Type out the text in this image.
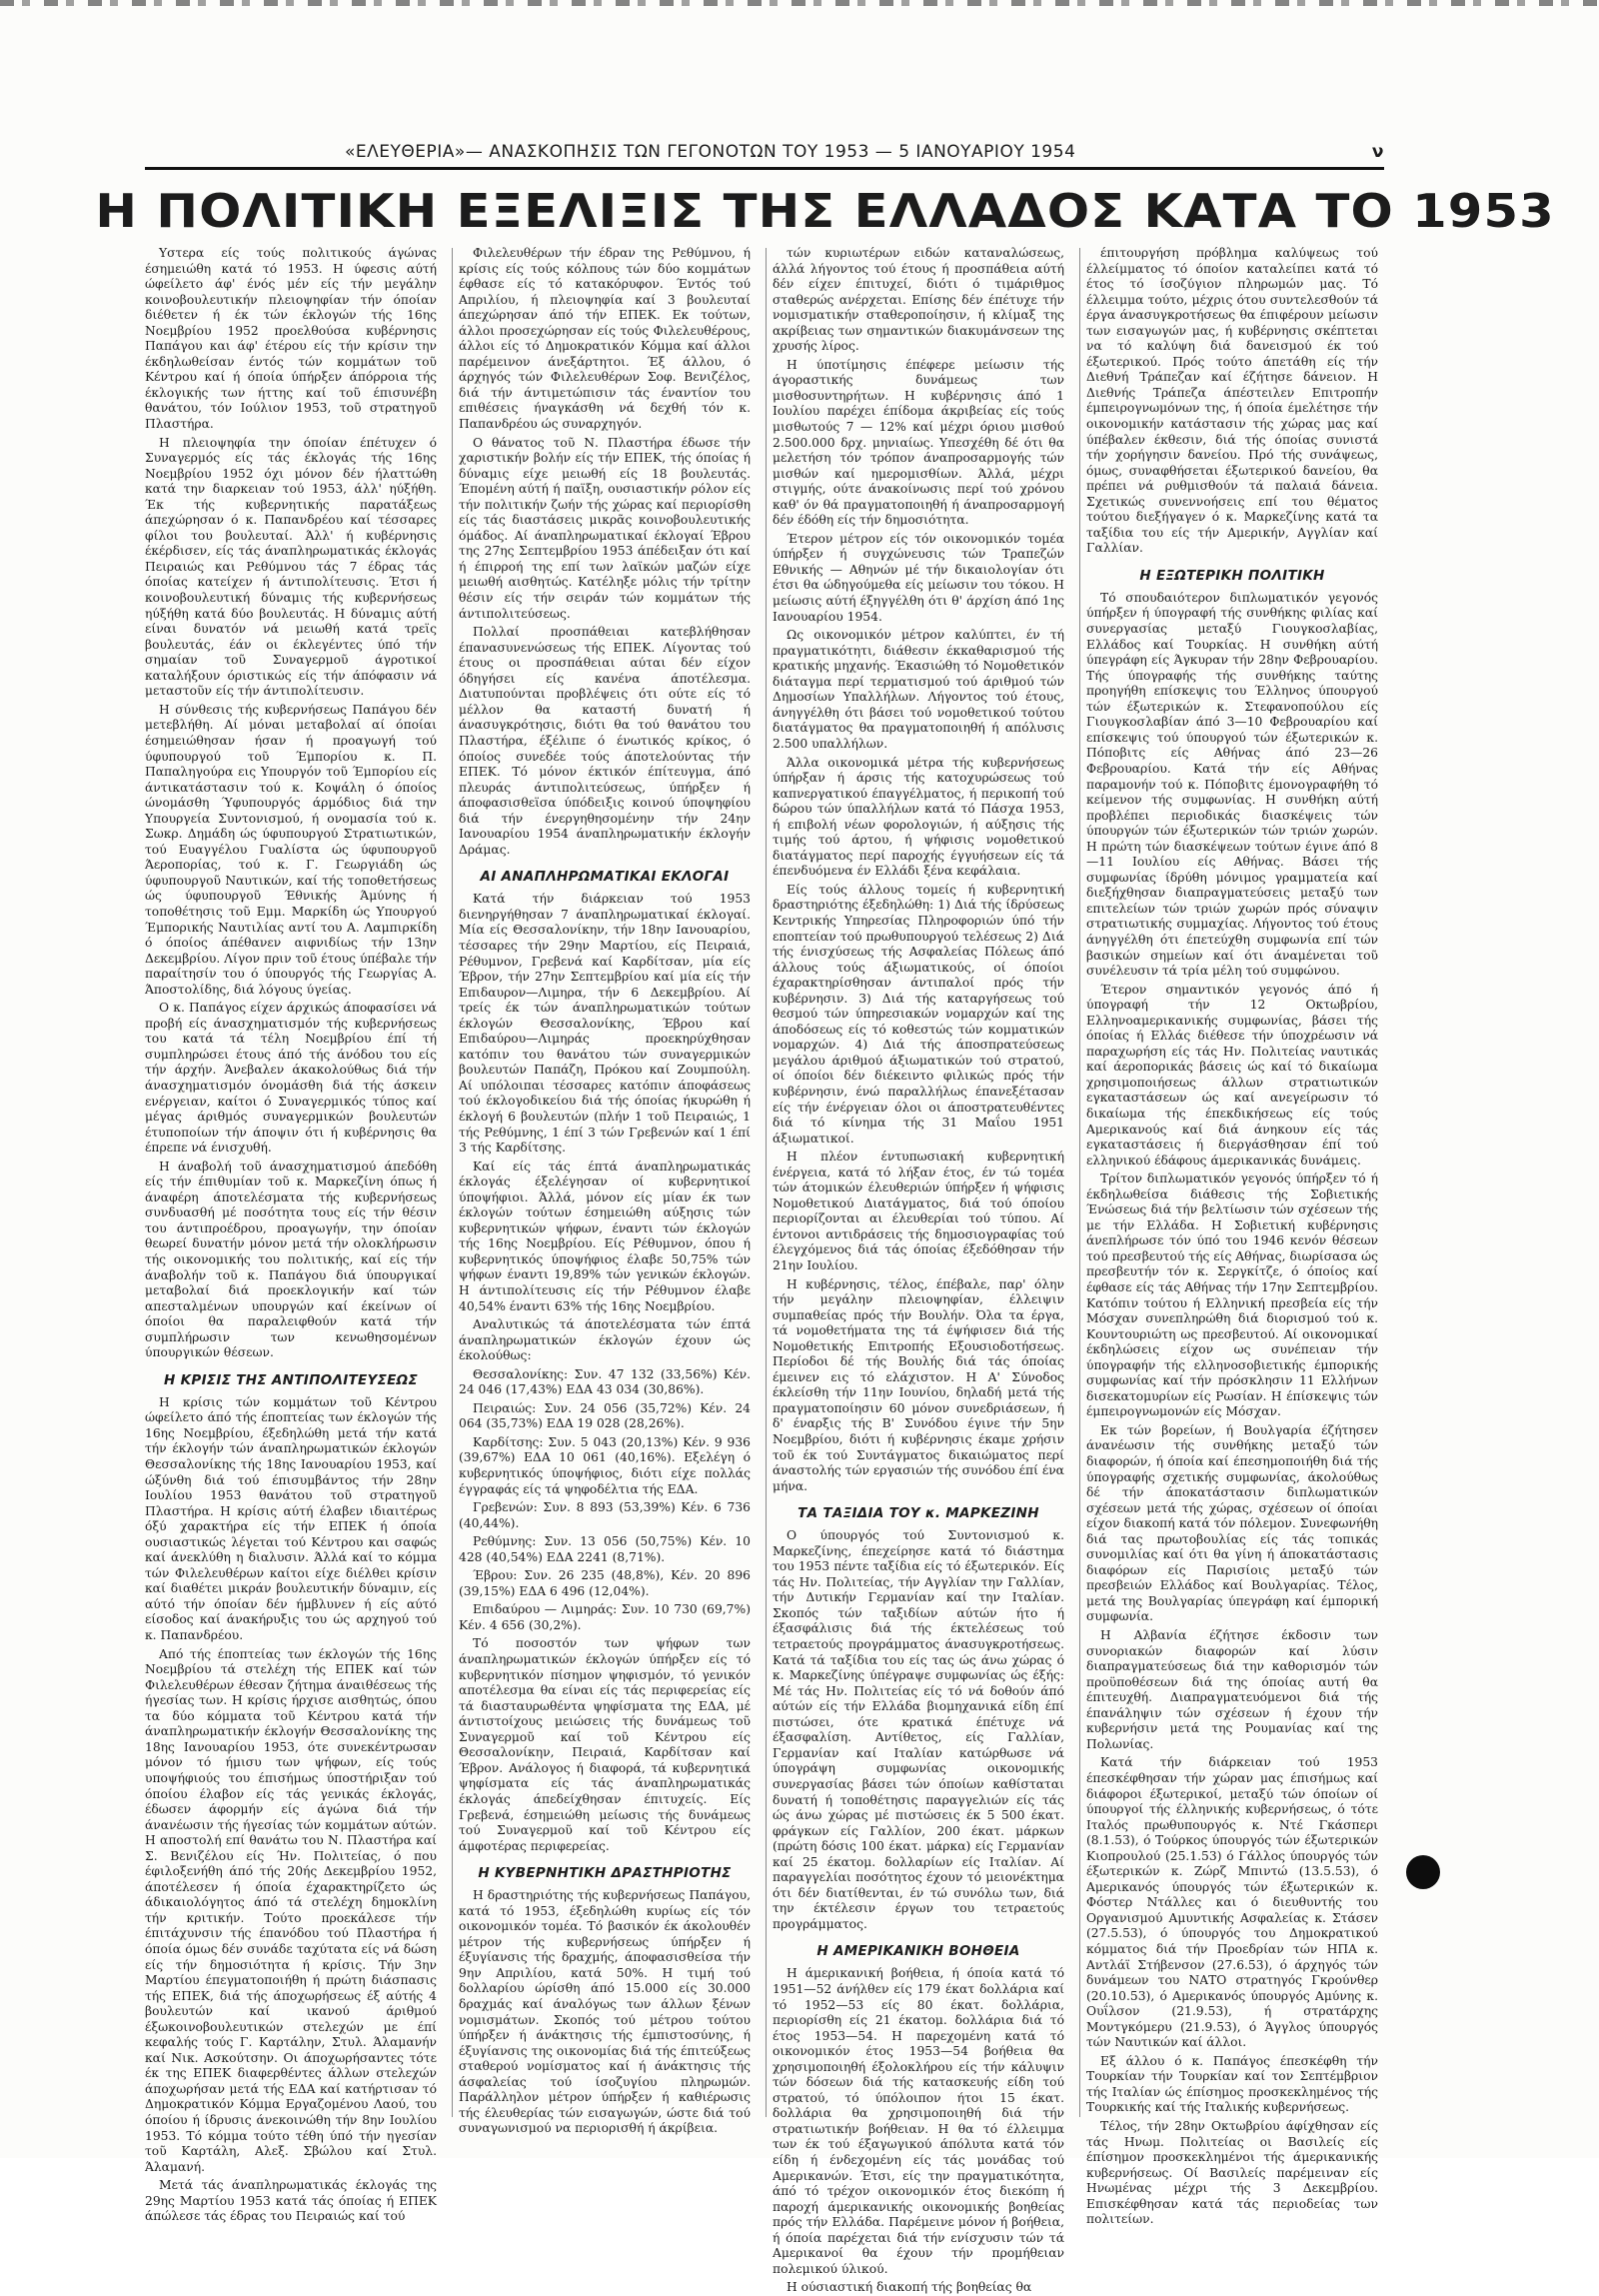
«ΕΛΕΥΘΕΡΙΑ»— ΑΝΑΣΚΟΠΗΣΙΣ ΤΩΝ ΓΕΓΟΝΟΤΩΝ ΤΟΥ 1953 — 5 ΙΑΝΟΥΑΡΙΟΥ 1954	ν
Η ΠΟΛΙΤΙΚΗ ΕΞΕΛΙΞΙΣ ΤΗΣ ΕΛΛΑΔΟΣ ΚΑΤΑ ΤΟ 1953

Υστερα είς τούς πολιτικούς άγώνας έσημειώθη κατά τό 1953. Η ύφεσις αύτή ώφείλετο άφ' ένός μέν είς τήν μεγάλην κοινοβουλευτικήν πλειοψηφίαν τήν όποίαν διέθετεν ή έκ τών έκλογών τής 16ης Νοεμβρίου 1952 προελθούσα κυβέρνησις Παπάγου και άφ' έτέρου είς τήν κρίσιν την έκδηλωθείσαν έντός τών κομμάτων τοῦ Κέντρου καί ή όποία ύπήρξεν άπόρροια τής έκλογικής των ήττης καί τοῦ έπισυνέβη θανάτου, τόν Ιούλιον 1953, τοῦ στρατηγοῦ Πλαστήρα.

Η πλειοψηφία την όποίαν έπέτυχεν ό Συναγερμός είς τάς έκλογάς τής 16ης Νοεμβρίου 1952 όχι μόνον δέν ήλαττώθη κατά την διαρκειαν τού 1953, άλλ' ηύξήθη. Έκ τής κυβερνητικής παρατάξεως άπεχώρησαν ό κ. Παπανδρέου καί τέσσαρες φίλοι του βουλευταί. Άλλ' ή κυβέρνησις έκέρδισεν, είς τάς άναπληρωματικάς έκλογάς Πειραιώς και Ρεθύμνου τάς 7 έδρας τάς όποίας κατείχεν ή άντιπολίτευσις. Έτσι ή κοινοβουλευτική δύναμις τής κυβερνήσεως ηύξήθη κατά δύο βουλευτάς. Η δύναμις αύτή είναι δυνατόν νά μειωθή κατά τρεϊς βουλευτάς, έάν οι έκλεγέντες ύπό τήν σημαίαν τοῦ Συναγερμοῦ άγροτικοί καταλήξουν όριστικώς είς τήν άπόφασιν νά μεταστοῦν είς τήν άντιπολίτευσιν.

Η σύνθεσις τής κυβερνήσεως Παπάγου δέν μετεβλήθη. Αί μόναι μεταβολαί αί όποίαι έσημειώθησαν ήσαν ή προαγωγή τού ύφυπουργού τοῦ Έμπορίου κ. Π. Παπαληγούρα εις Υπουργόν τοῦ Έμπορίου είς άντικατάστασιν τού κ. Κοψάλη ό όποίος ώνομάσθη Ύφυπουργός άρμόδιος διά την Υπουργεία Συντονισμού, ή ονομασία τού κ. Σωκρ. Δημάδη ώς ύφυπουργού Στρατιωτικών, τού Ευαγγέλου Γυαλίστα ώς ύφυπουργοῦ Άεροπορίας, τού κ. Γ. Γεωργιάδη ώς ύφυπουργοῦ Ναυτικών, καί τής τοποθετήσεως ώς ύφυπουργοῦ Έθνικής Άμύνης ή τοποθέτησις τοῦ Εμμ. Μαρκίδη ώς Υπουργού Έμπορικής Ναυτιλίας αντί του Α. Λαμπιρκίδη ό όποίος άπέθανεν αιφνιδίως τήν 13ην Δεκεμβρίου. Λίγον πριν τοῦ έτους ύπέβαλε τήν παραίτησίν του ό ύπουργός τής Γεωργίας Α. Άποστολίδης, διά λόγους ύγείας.

Ο κ. Παπάγος είχεν άρχικώς άποφασίσει νά προβή είς άνασχηματισμόν τής κυβερνήσεως του κατά τά τέλη Νοεμβρίου έπί τή συμπληρώσει έτους άπό τής άνόδου του είς τήν άρχήν. Άνεβαλεν άκακολούθως διά τήν άνασχηματισμόν όνομάσθη διά τής άσκειν ενέργειαν, καίτοι ό Συναγερμικός τύπος καί μέγας άριθμός συναγερμικών βουλευτών έτυποποίων τήν άποψιν ότι ή κυβέρνησις θα έπρεπε νά ένισχυθή.

Η άναβολή τοῦ άνασχηματισμού άπεδόθη είς τήν έπιθυμίαν τοῦ κ. Μαρκεζίνη όπως ή άναφέρη άποτελέσματα τής κυβερνήσεως συνδυασθή μέ ποσότητα τους είς τήν θέσιν του άντιπροέδρου, προαγωγήν, την όποίαν θεωρεί δυνατήν μόνον μετά τήν ολοκλήρωσιν τής οικονομικής του πολιτικής, καί είς τήν άναβολήν τοῦ κ. Παπάγου διά ύπουργικαί μεταβολαί διά προεκλογικήν καί τών απεσταλμένων υπουργών καί έκείνων οί όποίοι θα παραλειφθούν κατά τήν συμπλήρωσιν των κενωθησομένων ύπουργικών θέσεων.

Η ΚΡΙΣΙΣ ΤΗΣ ΑΝΤΙΠΟΛΙΤΕΥΣΕΩΣ

Η κρίσις τών κομμάτων τοῦ Κέντρου ώφείλετο άπό τής έποπτείας των έκλογών τής 16ης Νοεμβρίου, έξεδηλώθη μετά τήν κατά τήν έκλογήν τών άναπληρωματικών έκλογών Θεσσαλονίκης τής 18ης Ιανουαρίου 1953, καί ώξύνθη διά τού έπισυμβάντος τήν 28ην Ιουλίου 1953 θανάτου τοῦ στρατηγοῦ Πλαστήρα. Η κρίσις αύτή έλαβεν ιδιαιτέρως όξύ χαρακτήρα είς τήν ΕΠΕΚ ή όποία ουσιαστικώς λέγεται τού Κέντρου και σαφώς καί άνεκλύθη η διαλυσιν. Άλλά καί το κόμμα τών Φιλελευθέρων καίτοι είχε διέλθει κρίσιν καί διαθέτει μικράν βουλευτικήν δύναμιν, είς αύτό τήν όποίαν δέν ήμβλυνεν ή είς αύτό είσοδος καί άνακήρυξις του ώς αρχηγού τού κ. Παπανδρέου.

Από τής έποπτείας των έκλογών τής 16ης Νοεμβρίου τά στελέχη τής ΕΠΕΚ καί τών Φιλελευθέρων έθεσαν ζήτημα άναιθέσεως τής ήγεσίας των. Η κρίσις ήρχισε αισθητώς, όπου τα δύο κόμματα τοῦ Κέντρου κατά τήν άναπληρωματικήν έκλογήν Θεσσαλονίκης της 18ης Ιανουαρίου 1953, ότε συνεκέντρωσαν μόνον τό ήμισυ των ψήφων, είς τούς υποψήφιούς του έπισήμως ύποστήριξαν τού όποίου έλαβον είς τάς γενικάς έκλογάς, έδωσεν άφορμήν είς άγώνα διά τήν άνανέωσιν τής ήγεσίας τών κομμάτων αύτών. Η αποστολή επί θανάτω του Ν. Πλαστήρα καί Σ. Βενιζέλου είς Ήν. Πολιτείας, ό που έφιλοξενήθη άπό τής 20ής Δεκεμβρίου 1952, άποτέλεσεν ή όποία έχαρακτηρίζετο ώς άδικαιολόγητος άπό τά στελέχη δημοκλίνη τήν κριτικήν. Τούτο προεκάλεσε τήν έπιτάχυνσιν τής έπανόδου τού Πλαστήρα ή όποία όμως δέν συνάδε ταχύτατα είς νά δώση είς τήν δημοσιότητα ή κρίσις. Τήν 3ην Μαρτίου έπεγματοποιήθη ή πρώτη διάσπασις τής ΕΠΕΚ, διά τής άποχωρήσεως έξ αύτής 4 βουλευτών καί ικανού άριθμού έξωκοινοβουλευτικών στελεχών με έπί κεφαλής τούς Γ. Καρτάλην, Στυλ. Άλαμανήν καί Νικ. Ασκούτσην. Οι άποχωρήσαντες τότε έκ της ΕΠΕΚ διαφερθέντες άλλων στελεχών άποχωρήσαν μετά τής ΕΔΑ καί κατήρτισαν τό Δημοκρατικόν Κόμμα Εργαζομένου Λαού, του όποίου ή ίδρυσις άνεκοινώθη τήν 8ην Ιουλίου 1953. Τό κόμμα τούτο τέθη ύπό τήν ηγεσίαν τοῦ Καρτάλη, Αλεξ. Σβώλου καί Στυλ. Άλαμανή.

Μετά τάς άναπληρωματικάς έκλογάς της 29ης Μαρτίου 1953 κατά τάς όποίας ή ΕΠΕΚ άπώλεσε τάς έδρας του Πειραιώς καί τού

Φιλελευθέρων τήν έδραν της Ρεθύμνου, ή κρίσις είς τούς κόλπους τών δύο κομμάτων έφθασε είς τό κατακόρυφον. Έντός τού Απριλίου, ή πλειοψηφία καί 3 βουλευταί άπεχώρησαν άπό τήν ΕΠΕΚ. Εκ τούτων, άλλοι προσεχώρησαν είς τούς Φιλελευθέρους, άλλοι είς τό Δημοκρατικόν Κόμμα καί άλλοι παρέμεινον άνεξάρτητοι. Έξ άλλου, ό άρχηγός τών Φιλελευθέρων Σοφ. Βενιζέλος, διά τήν άντιμετώπισιν τάς έναντίον του επιθέσεις ήναγκάσθη νά δεχθή τόν κ. Παπανδρέου ώς συναρχηγόν.

Ο θάνατος τοῦ Ν. Πλαστήρα έδωσε τήν χαριστικήν βολήν είς τήν ΕΠΕΚ, τής όποίας ή δύναμις είχε μειωθή είς 18 βουλευτάς. Έπομένη αύτή ή παϊξη, ουσιαστικήν ρόλον είς τήν πολιτικήν ζωήν τής χώρας καί περιορίσθη είς τάς διαστάσεις μικρᾶς κοινοβουλευτικής όμάδος. Αί άναπληρωματικαί έκλογαί Έβρου της 27ης Σεπτεμβρίου 1953 άπέδειξαν ότι καί ή έπιρροή της επί των λαϊκών μαζών είχε μειωθή αισθητώς. Κατέληξε μόλις τήν τρίτην θέσιν είς τήν σειράν τών κομμάτων τής άντιπολιτεύσεως.

Πολλαί προσπάθειαι κατεβλήθησαν έπανασυνενώσεως τής ΕΠΕΚ. Λίγοντας τού έτους οι προσπάθειαι αύται δέν είχον όδηγήσει είς κανένα άποτέλεσμα. Διατυπούνται προβλέψεις ότι ούτε είς τό μέλλον θα καταστή δυνατή ή άνασυγκρότησις, διότι θα τού θανάτου του Πλαστήρα, έξέλιπε ό ένωτικός κρίκος, ό όποίος συνεδέε τούς άποτελούντας τήν ΕΠΕΚ. Τό μόνον έκτικόν έπίτευγμα, άπό πλευράς άντιπολιτεύσεως, ύπήρξεν ή άποφασισθεϊσα ύπόδειξις κοινού ύποψηφίου διά τήν ένεργηθησομένην τήν 24ην Ιανουαρίου 1954 άναπληρωματικήν έκλογήν Δράμας.

ΑΙ ΑΝΑΠΛΗΡΩΜΑΤΙΚΑΙ ΕΚΛΟΓΑΙ

Κατά τήν διάρκειαν τού 1953 διενηργήθησαν 7 άναπληρωματικαί έκλογαί. Μία είς Θεσσαλονίκην, τήν 18ην Ιανουαρίου, τέσσαρες τήν 29ην Μαρτίου, είς Πειραιά, Ρέθυμνον, Γρεβενά καί Καρδίτσαν, μία είς Έβρον, τήν 27ην Σεπτεμβρίου καί μία είς τήν Επιδαυρον—Λιμηρα, τήν 6 Δεκεμβρίου. Αί τρείς έκ τών άναπληρωματικών τούτων έκλογών Θεσσαλονίκης, Έβρου καί Επιδαύρου—Λιμηράς προεκηρύχθησαν κατόπιν του θανάτου τών συναγερμικών βουλευτών Παπάζη, Πρόκου καί Ζουμπούλη. Αί υπόλοιπαι τέσσαρες κατόπιν άποφάσεως τού έκλογοδικείου διά τής όποίας ήκυρώθη ή έκλογή 6 βουλευτών (πλήν 1 τοῦ Πειραιώς, 1 τής Ρεθύμνης, 1 έπί 3 τών Γρεβενών καί 1 έπί 3 τής Καρδίτσης.

Καί είς τάς έπτά άναπληρωματικάς έκλογάς έξελέγησαν οί κυβερνητικοί ύποψήφιοι. Άλλά, μόνον είς μίαν έκ των έκλογών τούτων έσημειώθη αύξησις τών κυβερνητικών ψήφων, έναντι τών έκλογών τής 16ης Νοεμβρίου. Είς Ρέθυμνον, όπου ή κυβερνητικός ύποψήφιος έλαβε 50,75% τών ψήφων έναντι 19,89% τών γενικών έκλογών. Η άντιπολίτευσις είς τήν Ρέθυμνον έλαβε 40,54% έναντι 63% τής 16ης Νοεμβρίου.

Αναλυτικώς τά άποτελέσματα τών έπτά άναπληρωματικών έκλογών έχουν ώς έκολούθως:

Θεσσαλονίκης: Συν. 47 132 (33,56%) Κέν. 24 046 (17,43%) ΕΔΑ 43 034 (30,86%).

Πειραιώς: Συν. 24 056 (35,72%) Κέν. 24 064 (35,73%) ΕΔΑ 19 028 (28,26%).

Καρδίτσης: Συν. 5 043 (20,13%) Κέν. 9 936 (39,67%) ΕΔΑ 10 061 (40,16%). Εξελέγη ό κυβερνητικός ύποψήφιος, διότι είχε πολλάς έγγραφάς είς τά ψηφοδέλτια τής ΕΔΑ.

Γρεβενών: Συν. 8 893 (53,39%) Κέν. 6 736 (40,44%).

Ρεθύμνης: Συν. 13 056 (50,75%) Κέν. 10 428 (40,54%) ΕΔΑ 2241 (8,71%).

Έβρου: Συν. 26 235 (48,8%), Κέν. 20 896 (39,15%) ΕΔΑ 6 496 (12,04%).

Επιδαύρου — Λιμηράς: Συν. 10 730 (69,7%) Κέν. 4 656 (30,2%).

Τό ποσοστόν των ψήφων των άναπληρωματικών έκλογών ύπήρξεν είς τό κυβερνητικόν πίσημον ψηφισμόν, τό γενικόν αποτέλεσμα θα είναι είς τάς περιφερείας είς τά διασταυρωθέντα ψηφίσματα της ΕΔΑ, μέ άντιστοίχους μειώσεις τής δυνάμεως τοῦ Συναγερμοῦ καί τοῦ Κέντρου είς Θεσσαλονίκην, Πειραιά, Καρδίτσαν καί Έβρον. Ανάλογος ή διαφορά, τά κυβερνητικά ψηφίσματα είς τάς άναπληρωματικάς έκλογάς άπεδείχθησαν έπιτυχείς. Είς Γρεβενά, έσημειώθη μείωσις τής δυνάμεως τού Συναγερμοῦ καί τοῦ Κέντρου είς άμφοτέρας περιφερείας.

Η ΚΥΒΕΡΝΗΤΙΚΗ ΔΡΑΣΤΗΡΙΟΤΗΣ

Η δραστηριότης τής κυβερνήσεως Παπάγου, κατά τό 1953, έξεδηλώθη κυρίως είς τόν οικονομικόν τομέα. Τό βασικόν έκ άκολουθέν μέτρον τής κυβερνήσεως ύπήρξεν ή έξυγίανσις τής δραχμής, άποφασισθείσα τήν 9ην Απριλίου, κατά 50%. Η τιμή τού δολλαρίου ώρίσθη άπό 15.000 είς 30.000 δραχμάς καί άναλόγως των άλλων ξένων νομισμάτων. Σκοπός τού μέτρου τούτου ύπήρξεν ή άνάκτησις τής έμπιστοσύνης, ή έξυγίανσις της οικονομίας διά τής έπιτεύξεως σταθερού νομίσματος καί ή άνάκτησις τής άσφαλείας τού ίσοζυγίου πληρωμών. Παράλληλον μέτρον ύπήρξεν ή καθιέρωσις τής έλευθερίας τών εισαγωγών, ώστε διά τού συναγωνισμού να περιορισθή ή άκρίβεια.

τών κυριωτέρων ειδών καταναλώσεως, άλλά λήγοντος τού έτους ή προσπάθεια αύτή δέν είχεν έπιτυχεί, διότι ό τιμάριθμος σταθερώς ανέρχεται. Επίσης δέν έπέτυχε τήν νομισματικήν σταθεροποίησιν, ή κλίμαξ της ακρίβειας των σημαντικών διακυμάνσεων της χρυσής λίρος.

Η ύποτίμησις έπέφερε μείωσιν τής άγοραστικής δυνάμεως των μισθοσυντηρήτων. Η κυβέρνησις άπό 1 Ιουλίου παρέχει έπίδομα άκριβείας είς τούς μισθωτούς 7 — 12% καί μέχρι όριου μισθού 2.500.000 δρχ. μηνιαίως. Υπεσχέθη δέ ότι θα μελετήση τόν τρόπον άναπροσαρμογής τών μισθών καί ημερομισθίων. Άλλά, μέχρι στιγμής, ούτε άνακοίνωσις περί τού χρόνου καθ' όν θά πραγματοποιηθή ή άναπροσαρμογή δέν έδόθη είς τήν δημοσιότητα.

Έτερον μέτρον είς τόν οικονομικόν τομέα ύπήρξεν ή συγχώνευσις τών Τραπεζών Εθνικής — Αθηνών μέ τήν δικαιολογίαν ότι έτσι θα ώδηγούμεθα είς μείωσιν του τόκου. Η μείωσις αύτή έξηγγέλθη ότι θ' άρχίση άπό 1ης Ιανουαρίου 1954.

Ως οικονομικόν μέτρον καλύπτει, έν τή πραγματικότητι, διάθεσιν έκκαθαρισμού τής κρατικής μηχανής. Έκασιώθη τό Νομοθετικόν διάταγμα περί τερματισμού τού άριθμού τών Δημοσίων Υπαλλήλων. Λήγοντος τού έτους, άνηγγέλθη ότι βάσει τού νομοθετικού τούτου διατάγματος θα πραγματοποιηθή ή απόλυσις 2.500 υπαλλήλων.

Άλλα οικονομικά μέτρα τής κυβερνήσεως ύπήρξαν ή άρσις τής κατοχυρώσεως τού καπνεργατικού έπαγγέλματος, ή περικοπή τού δώρου τών ύπαλλήλων κατά τό Πάσχα 1953, ή επιβολή νέων φορολογιών, ή αύξησις τής τιμής τού άρτου, ή ψήφισις νομοθετικού διατάγματος περί παροχής έγγυήσεων είς τά έπενδυόμενα έν Ελλάδι ξένα κεφάλαια.

Είς τούς άλλους τομείς ή κυβερνητική δραστηριότης έξεδηλώθη: 1) Διά τής ίδρύσεως Κεντρικής Υπηρεσίας Πληροφοριών ύπό τήν εποπτείαν τού πρωθυπουργού τελέσεως 2) Διά τής ένισχύσεως τής Ασφαλείας Πόλεως άπό άλλους τούς άξιωματικούς, οί όποίοι έχαρακτηρίσθησαν άντιπαλοί πρός τήν κυβέρνησιν. 3) Διά τής καταργήσεως τού θεσμού τών ύπηρεσιακών νομαρχών καί της άποδόσεως είς τό κοθεστώς τών κομματικών νομαρχών. 4) Διά τής άποσπρατεύσεως μεγάλου άριθμού άξιωματικών τού στρατού, οί όποίοι δέν διέκειντο φιλικώς πρός τήν κυβέρνησιν, ένώ παραλλήλως έπανεξέτασαν είς τήν ένέργειαν όλοι οι άποστρατευθέντες διά τό κίνημα τής 31 Μαΐου 1951 άξιωματικοί.

Η πλέον έντυπωσιακή κυβερνητική ένέργεια, κατά τό λήξαν έτος, έν τώ τομέα τών άτομικών έλευθεριών ύπήρξεν ή ψήφισις Νομοθετικού Διατάγματος, διά τού όποίου περιορίζονται αι έλευθερίαι τού τύπου. Αί έντονοι αντιδράσεις τής δημοσιογραφίας τού έλεγχόμενος διά τάς όποίας έξεδόθησαν τήν 21ην Ιουλίου.

Η κυβέρνησις, τέλος, έπέβαλε, παρ' όλην τήν μεγάλην πλειοψηφίαν, έλλειψιν συμπαθείας πρός τήν Βουλήν. Όλα τα έργα, τά νομοθετήματα της τά έψήφισεν διά τής Νομοθετικής Επιτροπής Εξουσιοδοτήσεως. Περίοδοι δέ τής Βουλής διά τάς όποίας έμεινεν εις τό ελάχιστον. Η Α' Σύνοδος έκλείσθη τήν 11ην Ιουνίου, δηλαδή μετά τής πραγματοποίησιν 60 μόνον συνεδριάσεων, ή δ' έναρξις τής Β' Συνόδου έγινε τήν 5ην Νοεμβρίου, διότι ή κυβέρνησις έκαμε χρήσιν τοῦ έκ τού Συντάγματος δικαιώματος περί άναστολής τών εργασιών τής συνόδου έπί ένα μήνα.

ΤΑ ΤΑΞΙΔΙΑ ΤΟΥ κ. ΜΑΡΚΕΖΙΝΗ

Ο ύπουργός τού Συντονισμού κ. Μαρκεζίνης, έπεχείρησε κατά τό διάστημα του 1953 πέντε ταξίδια είς τό έξωτερικόν. Είς τάς Ην. Πολιτείας, τήν Αγγλίαν την Γαλλίαν, τήν Δυτικήν Γερμανίαν καί την Ιταλίαν. Σκοπός τών ταξιδίων αύτών ήτο ή έξασφάλισις διά τής έκτελέσεως τού τετραετούς προγράμματος άνασυγκροτήσεως. Κατά τά ταξίδια του είς τας ώς άνω χώρας ό κ. Μαρκεζίνης ύπέγραψε συμφωνίας ώς έξής: Μέ τάς Ην. Πολιτείας είς τό νά δοθούν άπό αύτών είς τήν Ελλάδα βιομηχανικά είδη έπί πιστώσει, ότε κρατικά έπέτυχε νά έξασφαλίση. Αντίθετος, είς Γαλλίαν, Γερμανίαν καί Ιταλίαν κατώρθωσε νά ύπογράψη συμφωνίας οικονομικής συνεργασίας βάσει τών όποίων καθίσταται δυνατή ή τοποθέτησις παραγγελιών είς τάς ώς άνω χώρας μέ πιστώσεις έκ 5 500 έκατ. φράγκων είς Γαλλίον, 200 έκατ. μάρκων (πρώτη δόσις 100 έκατ. μάρκα) είς Γερμανίαν καί 25 έκατομ. δολλαρίων είς Ιταλίαν. Αί παραγγελίαι ποσότητος έχουν τό μειονέκτημα ότι δέν διατίθενται, έν τώ συνόλω των, διά την έκτέλεσιν έργων του τετραετούς προγράμματος.

Η ΑΜΕΡΙΚΑΝΙΚΗ ΒΟΗΘΕΙΑ

Η άμερικανική βοήθεια, ή όποία κατά τό 1951—52 άνήλθεν είς 179 έκατ δολλάρια καί τό 1952—53 είς 80 έκατ. δολλάρια, περιορίσθη είς 21 έκατομ. δολλάρια διά τό έτος 1953—54. Η παρεχομένη κατά τό οικονομικόν έτος 1953—54 βοήθεια θα χρησιμοποιηθή έξολοκλήρου είς τήν κάλυψιν τών δόσεων διά τής κατασκευής είδη τού στρατού, τό ύπόλοιπον ήτοι 15 έκατ. δολλάρια θα χρησιμοποιηθή διά τήν στρατιωτικήν βοήθειαν. Η θα τό έλλειμμα των έκ τού έξαγωγικού άπόλυτα κατά τόν είδη ή ένδεχομένη είς τάς μονάδας τού Αμερικανών. Έτσι, είς την πραγματικότητα, άπό τό τρέχον οικονομικόν έτος διεκόπη ή παροχή άμερικανικής οικονομικής βοηθείας πρός τήν Ελλάδα. Παρέμεινε μόνον ή βοήθεια, ή όποία παρέχεται διά τήν ενίσχυσιν τών τά Αμερικανοί θα έχουν τήν προμήθειαν πολεμικού ύλικού.

Η ούσιαστική διακοπή τής βοηθείας θα

έπιτουργήση πρόβλημα καλύψεως τού έλλείμματος τό όποίον καταλείπει κατά τό έτος τό ίσοζύγιον πληρωμών μας. Τό έλλειμμα τούτο, μέχρις ότου συντελεσθούν τά έργα άνασυγκροτήσεως θα έπιφέρουν μείωσιν των εισαγωγών μας, ή κυβέρνησις σκέπτεται να τό καλύψη διά δανεισμού έκ τού έξωτερικού. Πρός τούτο άπετάθη είς τήν Διεθνή Τράπεζαν καί έζήτησε δάνειον. Η Διεθνής Τράπεζα άπέστειλεν Επιτροπήν έμπειρογνωμόνων της, ή όποία έμελέτησε τήν οικονομικήν κατάστασιν τής χώρας μας καί ύπέβαλεν έκθεσιν, διά τής όποίας συνιστά τήν χορήγησιν δανείου. Πρό τής συνάψεως, όμως, συναφθήσεται έξωτερικού δανείου, θα πρέπει νά ρυθμισθούν τά παλαιά δάνεια. Σχετικώς συνεννοήσεις επί του θέματος τούτου διεξήγαγεν ό κ. Μαρκεζίνης κατά τα ταξίδια του είς τήν Αμερικήν, Αγγλίαν καί Γαλλίαν.

Η ΕΞΩΤΕΡΙΚΗ ΠΟΛΙΤΙΚΗ

Τό σπουδαιότερον διπλωματικόν γεγονός ύπήρξεν ή ύπογραφή τής συνθήκης φιλίας καί συνεργασίας μεταξύ Γιουγκοσλαβίας, Ελλάδος καί Τουρκίας. Η συνθήκη αύτή ύπεγράφη είς Άγκυραν τήν 28ην Φεβρουαρίου. Τής ύπογραφής τής συνθήκης ταύτης προηγήθη επίσκεψις του Έλληνος ύπουργού τών έξωτερικών κ. Στεφανοπούλου είς Γιουγκοσλαβίαν άπό 3—10 Φεβρουαρίου καί επίσκεψις τού ύπουργού τών έξωτερικών κ. Πόποβιτς είς Αθήνας άπό 23—26 Φεβρουαρίου. Κατά τήν είς Αθήνας παραμονήν τού κ. Πόποβιτς έμονογραφήθη τό κείμενον τής συμφωνίας. Η συνθήκη αύτή προβλέπει περιοδικάς διασκέψεις τών ύπουργών τών έξωτερικών τών τριών χωρών. Η πρώτη τών διασκέψεων τούτων έγινε άπό 8—11 Ιουλίου είς Αθήνας. Βάσει τής συμφωνίας ίδρύθη μόνιμος γραμματεία καί διεξήχθησαν διαπραγματεύσεις μεταξύ των επιτελείων τών τριών χωρών πρός σύναψιν στρατιωτικής συμμαχίας. Λήγοντος τού έτους άνηγγέλθη ότι έπετεύχθη συμφωνία επί τών βασικών σημείων καί ότι άναμένεται τοῦ συνέλευσιν τά τρία μέλη τού συμφώνου.

Έτερον σημαντικόν γεγονός άπό ή ύπογραφή τήν 12 Οκτωβρίου, Ελληνοαμερικανικής συμφωνίας, βάσει τής όποίας ή Ελλάς διέθεσε τήν ύποχρέωσιν νά παραχωρήση είς τάς Ην. Πολιτείας ναυτικάς καί άεροπορικάς βάσεις ώς καί τό δικαίωμα χρησιμοποιήσεως άλλων στρατιωτικών εγκαταστάσεων ώς καί ανεγείρωσιν τό δικαίωμα τής έπεκδικήσεως είς τούς Αμερικανούς καί διά άνηκουν είς τάς εγκαταστάσεις ή διεργάσθησαν έπί τού ελληνικού έδάφους άμερικανικάς δυνάμεις.

Τρίτον διπλωματικόν γεγονός ύπήρξεν τό ή έκδηλωθείσα διάθεσις τής Σοβιετικής Ένώσεως διά τήν βελτίωσιν τών σχέσεων τής με τήν Ελλάδα. Η Σοβιετική κυβέρνησις άνεπλήρωσε τόν ύπό του 1946 κενόν θέσεων τού πρεσβευτού τής είς Αθήνας, διωρίσασα ώς πρεσβευτήν τόν κ. Σεργκίτζε, ό όποίος καί έφθασε είς τάς Αθήνας τήν 17ην Σεπτεμβρίου. Κατόπιν τούτου ή Ελληνική πρεσβεία είς τήν Μόσχαν συνεπληρώθη διά διορισμού τού κ. Κουντουριώτη ως πρεσβευτού. Αί οικονομικαί έκδηλώσεις είχον ως συνέπειαν τήν ύπογραφήν τής ελληνοσοβιετικής έμπορικής συμφωνίας καί τήν πρόσκλησιν 11 Ελλήνων δισεκατομυρίων είς Ρωσίαν. Η έπίσκεψις τών έμπειρογνωμονών είς Μόσχαν.

Εκ τών βορείων, ή Βουλγαρία έζήτησεν άνανέωσιν τής συνθήκης μεταξύ τών διαφορών, ή όποία καί έπεσημοποιήθη διά τής ύπογραφής σχετικής συμφωνίας, άκολούθως δέ τήν άποκατάστασιν διπλωματικών σχέσεων μετά τής χώρας, σχέσεων οί όποίαι είχον διακοπή κατά τόν πόλεμον. Συνεφωνήθη διά τας πρωτοβουλίας είς τάς τοπικάς συνομιλίας καί ότι θα γίνη ή άποκατάστασις διαφόρων είς Παρισίοις μεταξύ τών πρεσβειών Ελλάδος καί Βουλγαρίας. Τέλος, μετά της Βουλγαρίας ύπεγράφη καί έμπορική συμφωνία.

Η Αλβανία έζήτησε έκδοσιν των συνοριακών διαφορών καί λύσιν διαπραγματεύσεως διά την καθορισμόν τών προϋποθέσεων διά της όποίας αυτή θα έπιτευχθή. Διαπραγματευόμενοι διά τής έπανάληψιν τών σχέσεων ή έχουν τήν κυβερνήσιν μετά της Ρουμανίας καί της Πολωνίας.

Κατά τήν διάρκειαν τού 1953 έπεσκέφθησαν τήν χώραν μας έπισήμως καί διάφοροι έξωτερικοί, μεταξύ τών όποίων οί ύπουργοί τής έλληνικής κυβερνήσεως, ό τότε Ιταλός πρωθυπουργός κ. Ντέ Γκάσπερι (8.1.53), ό Τούρκος ύπουργός τών έξωτερικών Κιοπρουλού (25.1.53) ό Γάλλος ύπουργός τών έξωτερικών κ. Ζώρζ Μπιντώ (13.5.53), ό Αμερικανός ύπουργός τών έξωτερικών κ. Φόστερ Ντάλλες και ό διευθυντής του Οργανισμού Αμυντικής Ασφαλείας κ. Στάσεν (27.5.53), ό ύπουργός του Δημοκρατικού κόμματος διά τήν Προεδρίαν τών ΗΠΑ κ. Αντλάϊ Στήβενσον (27.6.53), ό άρχηγός τών δυνάμεων του ΝΑΤΟ στρατηγός Γκρούνθερ (20.10.53), ό Αμερικανός ύπουργός Αμύνης κ. Ουΐλσον (21.9.53), ή στρατάρχης Μοντγκόμερυ (21.9.53), ό Άγγλος ύπουργός τών Ναυτικών καί άλλοι.

Εξ άλλου ό κ. Παπάγος έπεσκέφθη τήν Τουρκίαν τήν Τουρκίαν καί τον Σεπτέμβριον τής Ιταλίαν ώς έπίσημος προσκεκλημένος τής Τουρκικής καί τής Ιταλικής κυβερνήσεως.

Τέλος, τήν 28ην Οκτωβρίου άφίχθησαν είς τάς Ηνωμ. Πολιτείας οι Βασιλείς είς έπίσημον προσκεκλημένοι τής άμερικανικής κυβερνήσεως. Οί Βασιλείς παρέμειναν είς Ηνωμένας μέχρι τής 3 Δεκεμβρίου. Επισκέφθησαν κατά τάς περιοδείας των πολιτείων.
